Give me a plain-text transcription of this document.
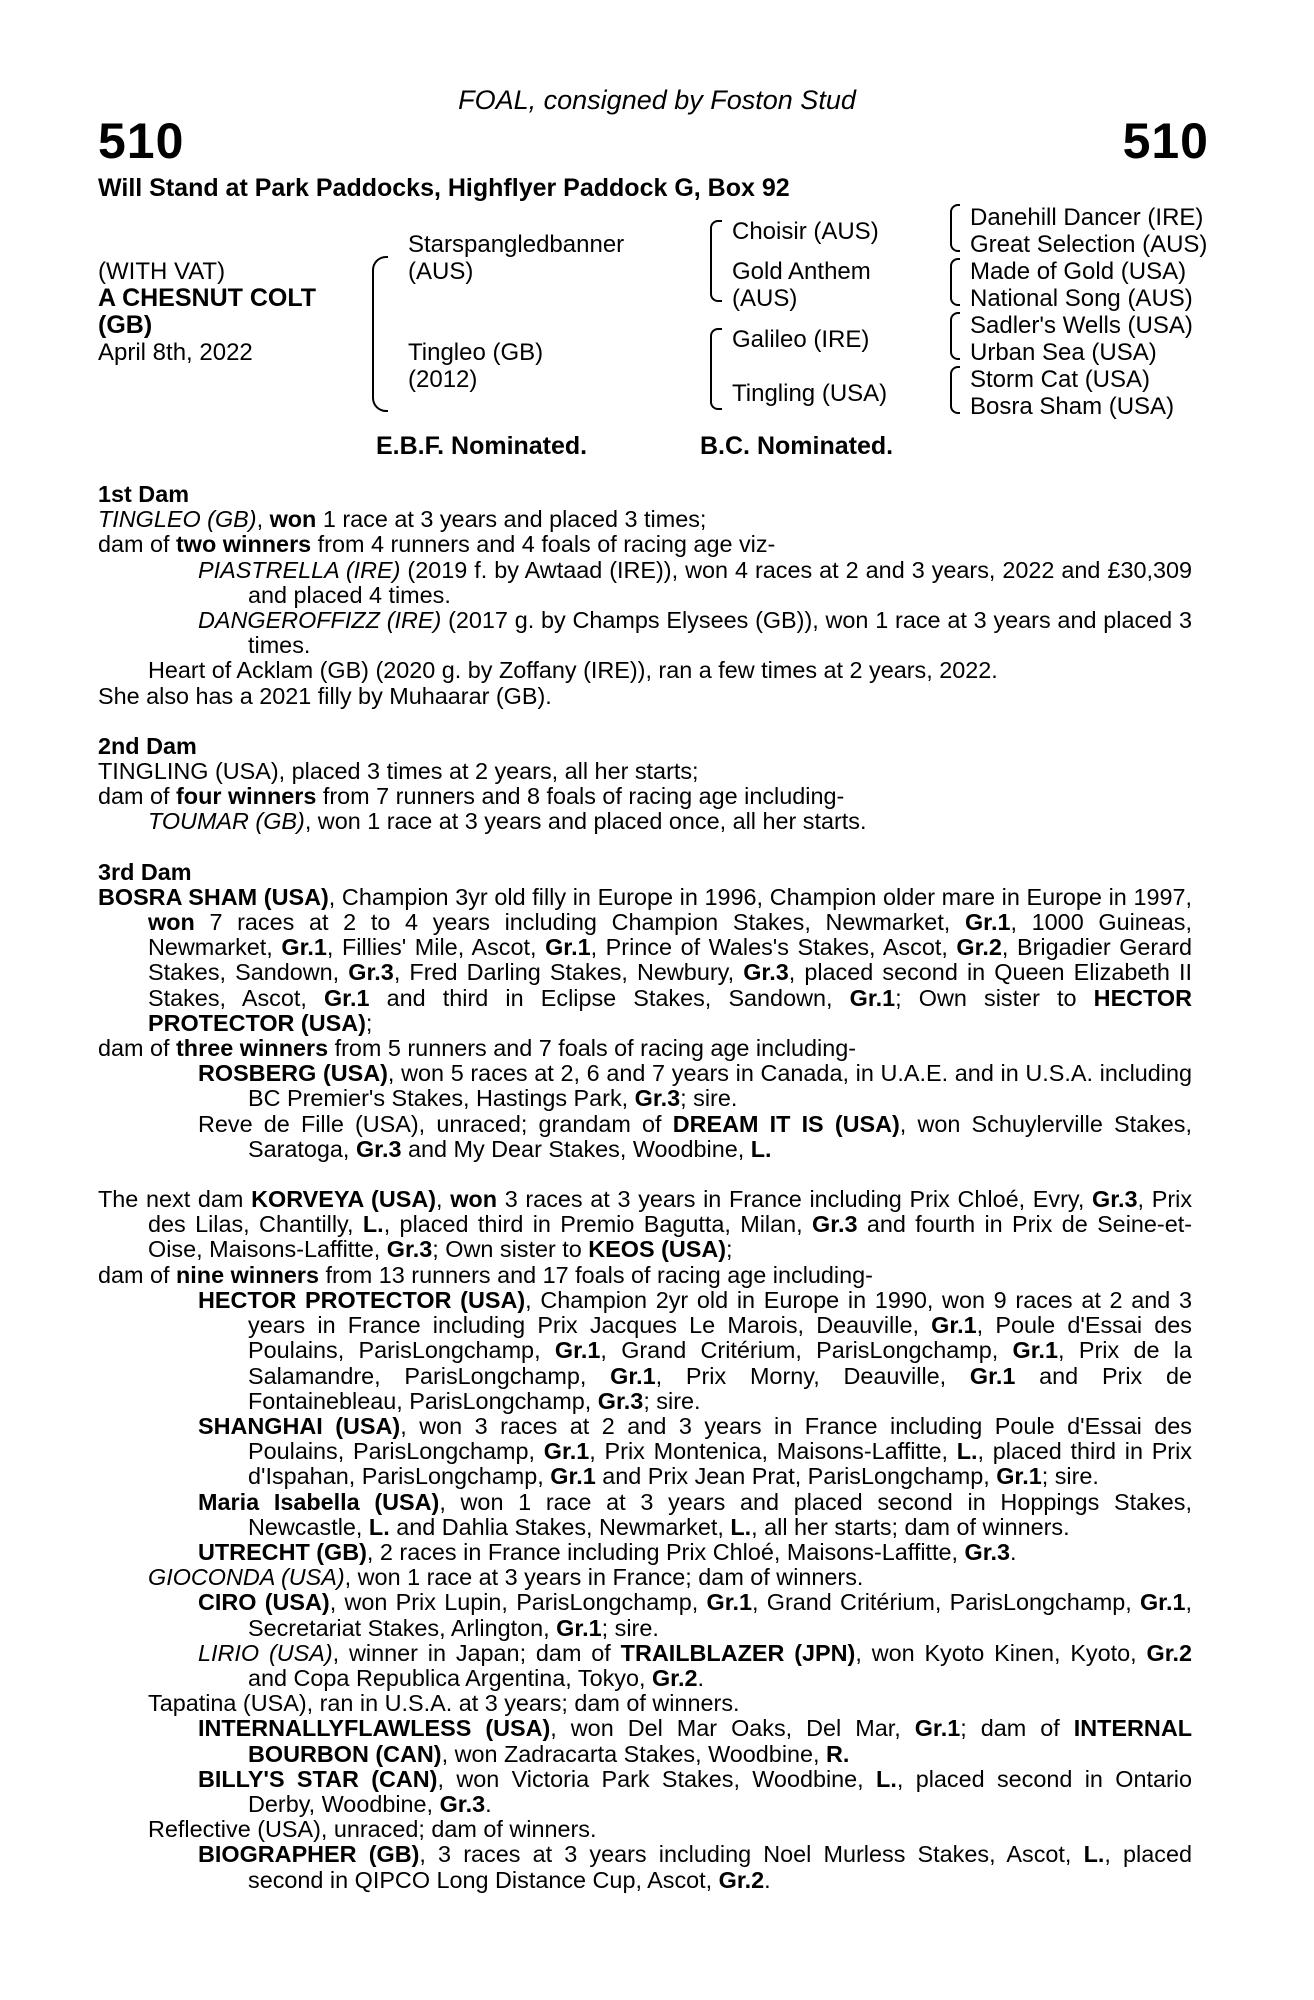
FOAL, consigned by Foston Stud
510	510
Will Stand at Park Paddocks, Highflyer Paddock G, Box 92
(WITH VAT)
A CHESNUT COLT
(GB)
April 8th, 2022
Starspangledbanner
(AUS)
Tingleo (GB)
(2012)
Choisir (AUS)
Gold Anthem
(AUS)
Galileo (IRE)
Tingling (USA)
Danehill Dancer (IRE)
Great Selection (AUS)
Made of Gold (USA)
National Song (AUS)
Sadler's Wells (USA)
Urban Sea (USA)
Storm Cat (USA)
Bosra Sham (USA)
E.B.F. Nominated.	B.C. Nominated.
1st Dam
TINGLEO (GB), won 1 race at 3 years and placed 3 times;
dam of two winners from 4 runners and 4 foals of racing age viz-
PIASTRELLA (IRE) (2019 f. by Awtaad (IRE)), won 4 races at 2 and 3 years, 2022 and £30,309 and placed 4 times.
DANGEROFFIZZ (IRE) (2017 g. by Champs Elysees (GB)), won 1 race at 3 years and placed 3 times.
Heart of Acklam (GB) (2020 g. by Zoffany (IRE)), ran a few times at 2 years, 2022.
She also has a 2021 filly by Muhaarar (GB).
2nd Dam
TINGLING (USA), placed 3 times at 2 years, all her starts;
dam of four winners from 7 runners and 8 foals of racing age including-
TOUMAR (GB), won 1 race at 3 years and placed once, all her starts.
3rd Dam
BOSRA SHAM (USA), Champion 3yr old filly in Europe in 1996, Champion older mare in Europe in 1997, won 7 races at 2 to 4 years including Champion Stakes, Newmarket, Gr.1, 1000 Guineas, Newmarket, Gr.1, Fillies' Mile, Ascot, Gr.1, Prince of Wales's Stakes, Ascot, Gr.2, Brigadier Gerard Stakes, Sandown, Gr.3, Fred Darling Stakes, Newbury, Gr.3, placed second in Queen Elizabeth II Stakes, Ascot, Gr.1 and third in Eclipse Stakes, Sandown, Gr.1; Own sister to HECTOR PROTECTOR (USA);
dam of three winners from 5 runners and 7 foals of racing age including-
ROSBERG (USA), won 5 races at 2, 6 and 7 years in Canada, in U.A.E. and in U.S.A. including BC Premier's Stakes, Hastings Park, Gr.3; sire.
Reve de Fille (USA), unraced; grandam of DREAM IT IS (USA), won Schuylerville Stakes, Saratoga, Gr.3 and My Dear Stakes, Woodbine, L.
The next dam KORVEYA (USA), won 3 races at 3 years in France including Prix Chloé, Evry, Gr.3, Prix des Lilas, Chantilly, L., placed third in Premio Bagutta, Milan, Gr.3 and fourth in Prix de Seine-et-Oise, Maisons-Laffitte, Gr.3; Own sister to KEOS (USA);
dam of nine winners from 13 runners and 17 foals of racing age including-
HECTOR PROTECTOR (USA), Champion 2yr old in Europe in 1990, won 9 races at 2 and 3 years in France including Prix Jacques Le Marois, Deauville, Gr.1, Poule d'Essai des Poulains, ParisLongchamp, Gr.1, Grand Critérium, ParisLongchamp, Gr.1, Prix de la Salamandre, ParisLongchamp, Gr.1, Prix Morny, Deauville, Gr.1 and Prix de Fontainebleau, ParisLongchamp, Gr.3; sire.
SHANGHAI (USA), won 3 races at 2 and 3 years in France including Poule d'Essai des Poulains, ParisLongchamp, Gr.1, Prix Montenica, Maisons-Laffitte, L., placed third in Prix d'Ispahan, ParisLongchamp, Gr.1 and Prix Jean Prat, ParisLongchamp, Gr.1; sire.
Maria Isabella (USA), won 1 race at 3 years and placed second in Hoppings Stakes, Newcastle, L. and Dahlia Stakes, Newmarket, L., all her starts; dam of winners.
UTRECHT (GB), 2 races in France including Prix Chloé, Maisons-Laffitte, Gr.3.
GIOCONDA (USA), won 1 race at 3 years in France; dam of winners.
CIRO (USA), won Prix Lupin, ParisLongchamp, Gr.1, Grand Critérium, ParisLongchamp, Gr.1, Secretariat Stakes, Arlington, Gr.1; sire.
LIRIO (USA), winner in Japan; dam of TRAILBLAZER (JPN), won Kyoto Kinen, Kyoto, Gr.2 and Copa Republica Argentina, Tokyo, Gr.2.
Tapatina (USA), ran in U.S.A. at 3 years; dam of winners.
INTERNALLYFLAWLESS (USA), won Del Mar Oaks, Del Mar, Gr.1; dam of INTERNAL BOURBON (CAN), won Zadracarta Stakes, Woodbine, R.
BILLY'S STAR (CAN), won Victoria Park Stakes, Woodbine, L., placed second in Ontario Derby, Woodbine, Gr.3.
Reflective (USA), unraced; dam of winners.
BIOGRAPHER (GB), 3 races at 3 years including Noel Murless Stakes, Ascot, L., placed second in QIPCO Long Distance Cup, Ascot, Gr.2.
